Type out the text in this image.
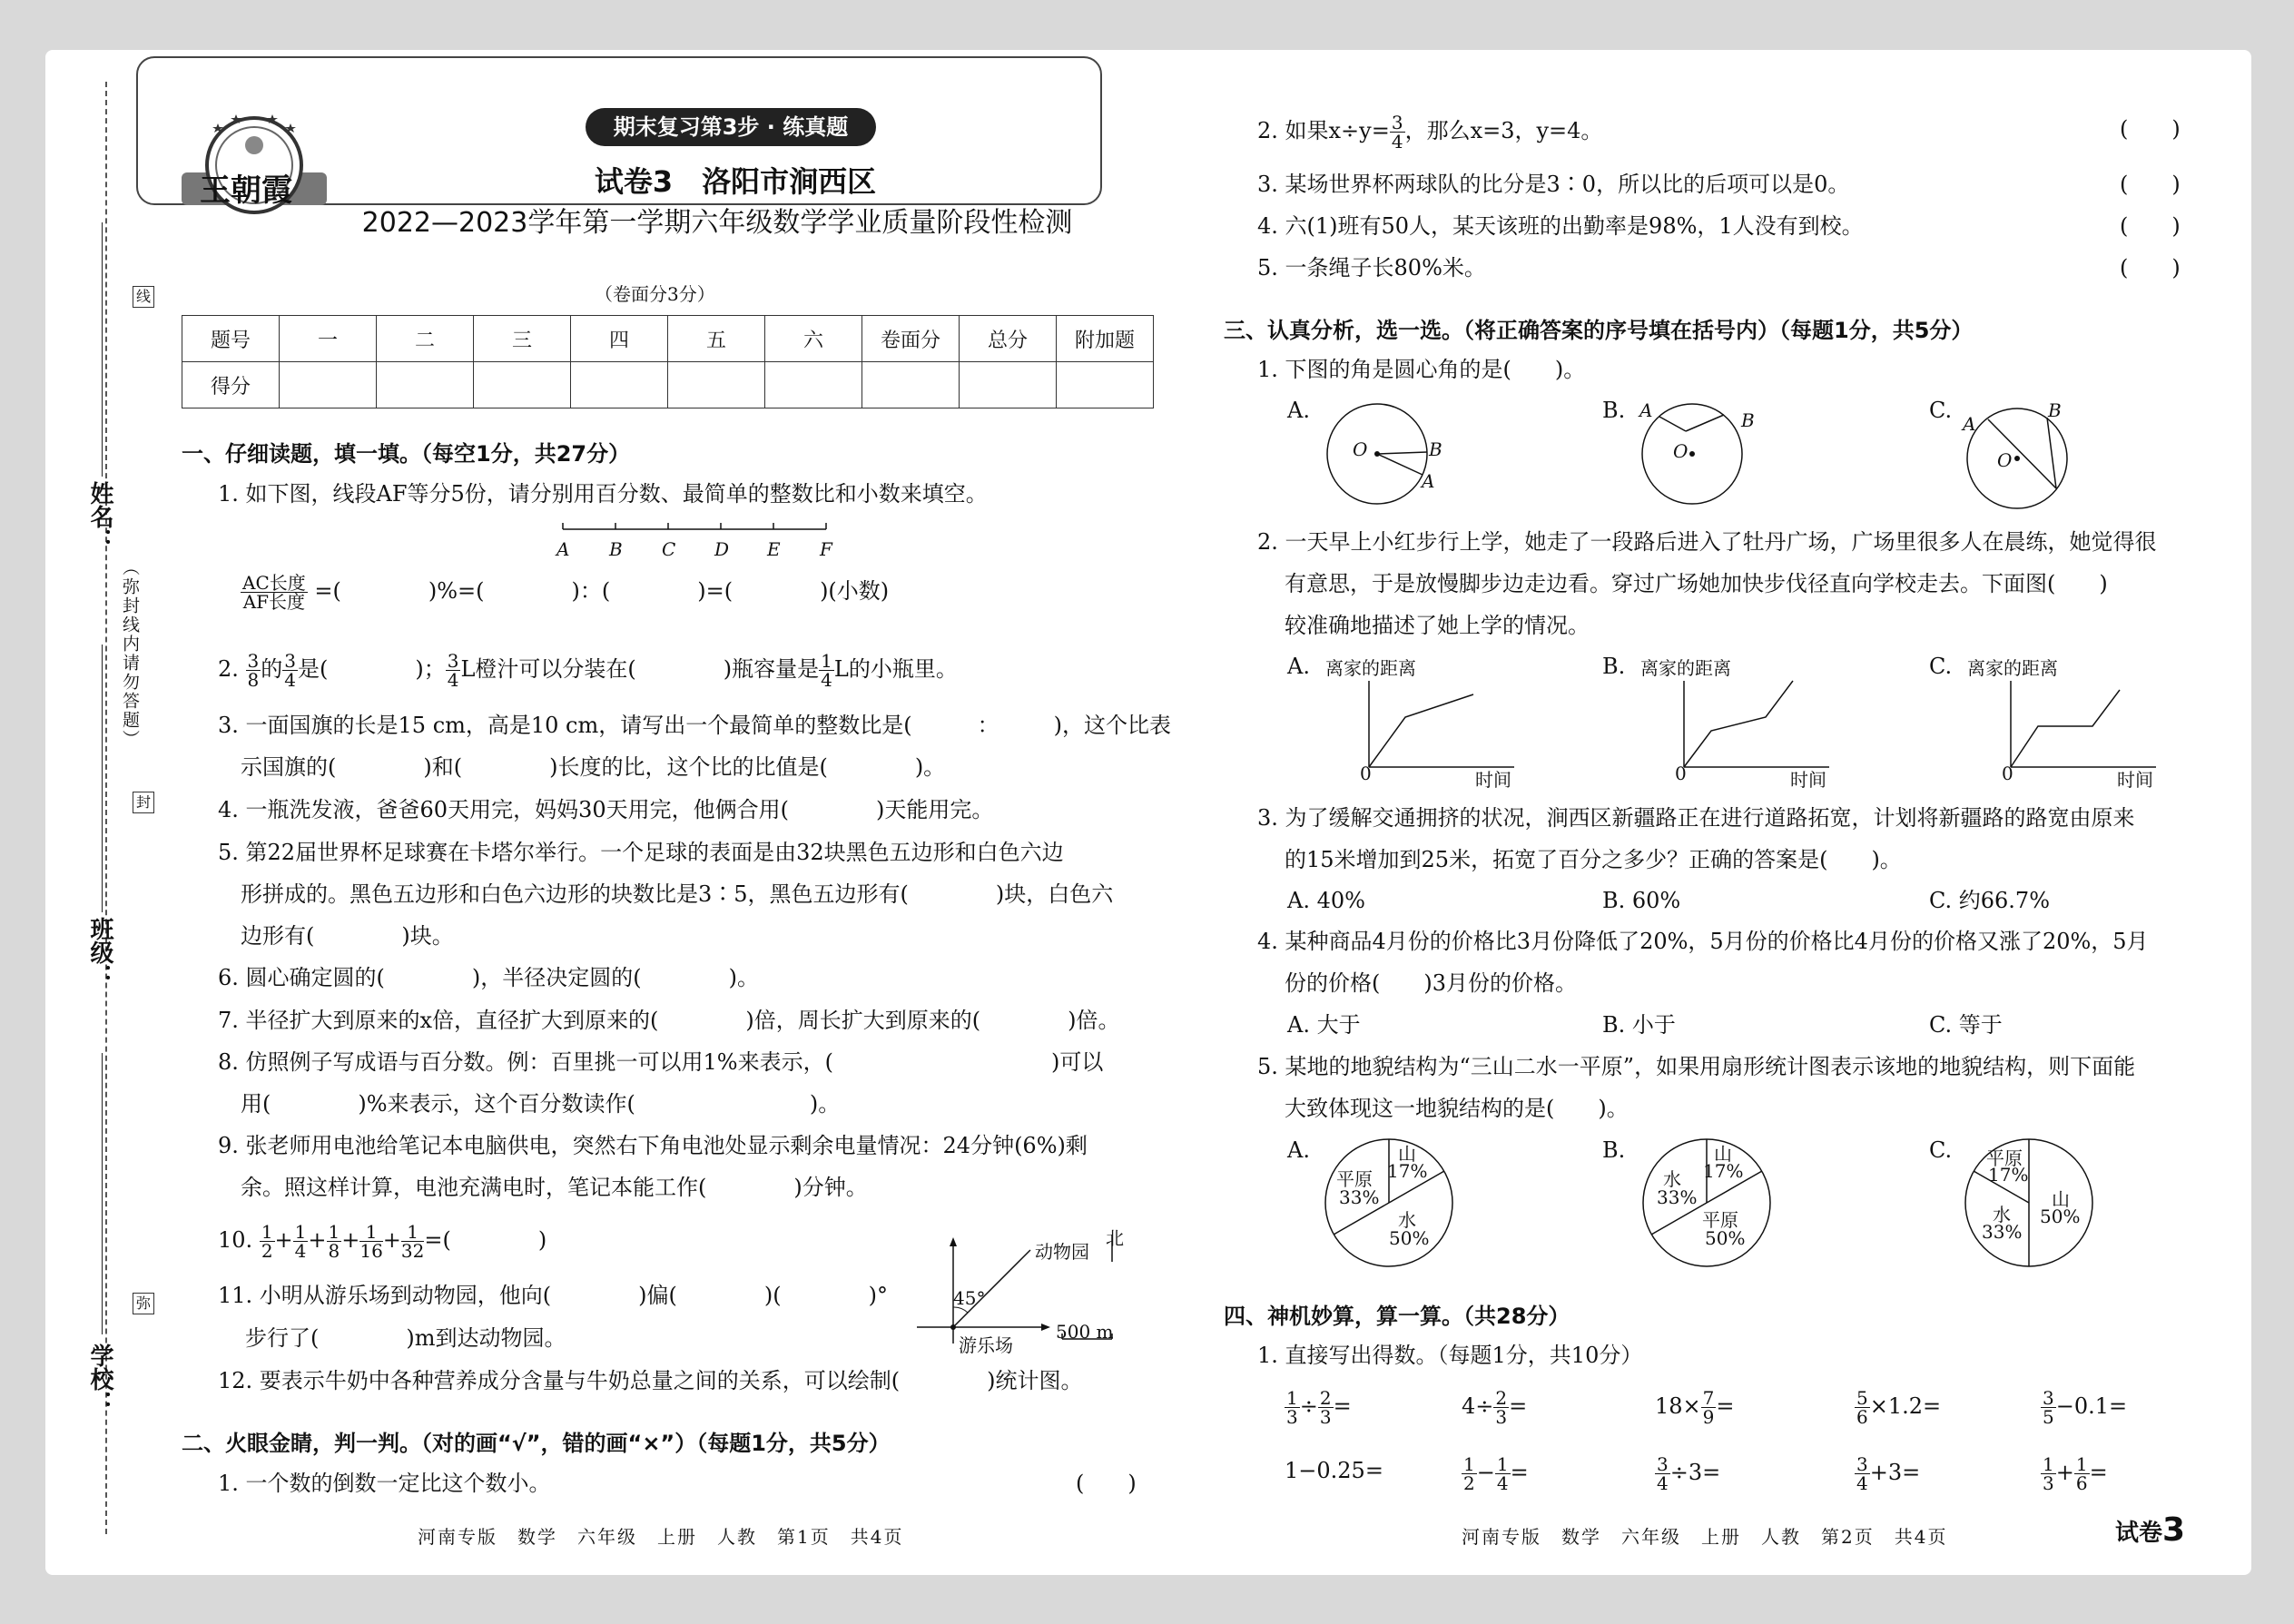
姓名：
班级：
学校：
（弥封线内请勿答题）
线
封
弥
期末复习第3步 · 练真题
王朝霞	试卷3　洛阳市涧西区
2022—2023学年第一学期六年级数学学业质量阶段性检测
（卷面分3分）
题号	一	二	三	四	五	六	卷面分	总分	附加题
得分									
一、仔细读题，填一填。（每空1分，共27分）
1. 如下图，线段AF等分5份，请分别用百分数、最简单的整数比和小数来填空。
A B C D E F
$\frac{\text{AC长度}}{\text{AF长度}}$ =(　　　　)%=(　　　　)：(　　　　)=(　　　　)(小数)
2. $\frac{3}{8}$ 的 $\frac{3}{4}$ 是(　　　　)； $\frac{3}{4}$ L橙汁可以分装在(　　　　)瓶容量是 $\frac{1}{4}$ L的小瓶里。
3. 一面国旗的长是15 cm，高是10 cm，请写出一个最简单的整数比是(　　　：　　　)，这个比表
示国旗的(　　　　)和(　　　　)长度的比，这个比的比值是(　　　　)。
4. 一瓶洗发液，爸爸60天用完，妈妈30天用完，他俩合用(　　　　)天能用完。
5. 第22届世界杯足球赛在卡塔尔举行。一个足球的表面是由32块黑色五边形和白色六边
形拼成的。黑色五边形和白色六边形的块数比是3∶5，黑色五边形有(　　　　)块，白色六
边形有(　　　　)块。
6. 圆心确定圆的(　　　　)，半径决定圆的(　　　　)。
7. 半径扩大到原来的x倍，直径扩大到原来的(　　　　)倍，周长扩大到原来的(　　　　)倍。
8. 仿照例子写成语与百分数。例：百里挑一可以用1%来表示，(　　　　　　　　　　)可以
用(　　　　)%来表示，这个百分数读作(　　　　　　　　)。
9. 张老师用电池给笔记本电脑供电，突然右下角电池处显示剩余电量情况：24分钟(6%)剩
余。照这样计算，电池充满电时，笔记本能工作(　　　　)分钟。
10. $\frac{1}{2} + \frac{1}{4} + \frac{1}{8} + \frac{1}{16} + \frac{1}{32}$ =(　　　　)
11. 小明从游乐场到动物园，他向(　　　　)偏(　　　　)(　　　　)°
步行了(　　　　)m到达动物园。
动物园
北
45°
游乐场
500 m
12. 要表示牛奶中各种营养成分含量与牛奶总量之间的关系，可以绘制(　　　　)统计图。
二、火眼金睛，判一判。（对的画“√”，错的画“×”）（每题1分，共5分）
1. 一个数的倒数一定比这个数小。	(　　)
2. 如果$x\div y= \frac{3}{4}$ ，那么x=3，y=4。	(　　)
3. 某场世界杯两球队的比分是3∶0，所以比的后项可以是0。	(　　)
4. 六(1)班有50人，某天该班的出勤率是98%，1人没有到校。	(　　)
5. 一条绳子长80%米。	(　　)
三、认真分析，选一选。（将正确答案的序号填在括号内）（每题1分，共5分）
1. 下图的角是圆心角的是(　　)。
A.
O	B
A
B. A	B
O
C.
A
B
O
2. 一天早上小红步行上学，她走了一段路后进入了牡丹广场，广场里很多人在晨练，她觉得很
有意思，于是放慢脚步边走边看。穿过广场她加快步伐径直向学校走去。下面图(　　)
较准确地描述了她上学的情况。
A. 离家的距离
0	时间
B. 离家的距离
0	时间
C. 离家的距离
0	时间
3. 为了缓解交通拥挤的状况，涧西区新疆路正在进行道路拓宽，计划将新疆路的路宽由原来
的15米增加到25米，拓宽了百分之多少？正确的答案是(　　)。
A. 40%	B. 60%	C. 约66.7%
4. 某种商品4月份的价格比3月份降低了20%，5月份的价格比4月份的价格又涨了20%，5月
份的价格(　　)3月份的价格。
A. 大于	B. 小于	C. 等于
5. 某地的地貌结构为“三山二水一平原”，如果用扇形统计图表示该地的地貌结构，则下面能
大致体现这一地貌结构的是(　　)。
A.	山
17%
平原
33%
水
50%
B.	山
17%
水
33%
平原
50%
C. 平原
17%
水
33%
山
50%
四、神机妙算，算一算。（共28分）
1. 直接写出得数。（每题1分，共10分）
$\frac{1}{3} \div \frac{2}{3}$ =	$4\div \frac{2}{3}$ =	$18\times \frac{7}{9}$ =	$\frac{5}{6} \times 1.2=$	$\frac{3}{5} -0.1=$
1−0.25=	$\frac{1}{2} - \frac{1}{4}$ =	$\frac{3}{4} \div 3=$	$\frac{3}{4} +3=$	$\frac{1}{3} + \frac{1}{6}$ =
河南专版　数学　六年级　上册　人教　第1页　共4页	河南专版　数学　六年级　上册　人教　第2页　共4页	试卷3
